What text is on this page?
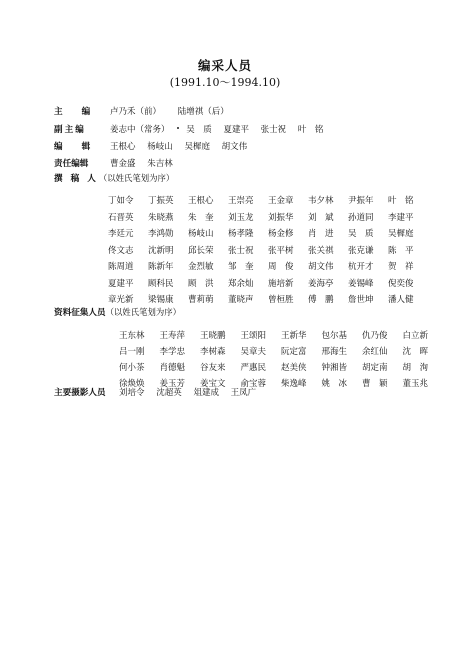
编采人员
(1991.10～1994.10)
主 编 卢乃禾（前） 陆增祺（后）
副主编	姜志中（常务） 吴　质 夏建平 张士祝 叶　铭
编 辑 王根心 杨岐山 吴樨庭 胡文伟
责任编辑	曹金盛 朱吉林
撰 稿 人 （以姓氏笔划为序）
丁如令 丁振英 王根心 王崇亮 王金章 韦夕林 尹振年 叶　铭
石晋英 朱晓燕 朱　奎 刘玉龙 刘振华 刘　斌 孙道同 李建平
李廷元 李鸿勋 杨岐山 杨孝隆 杨金修 肖　进 吴　质 吴樨庭
佟文志 沈新明 邱长荣 张士祝 张平树 张关祺 张克谦 陈　平
陈周道 陈新年 金烈敏 邹　奎 周　俊 胡文伟 杭开才 贺　祥
夏建平 顾科民 顾　洪 郑余灿 施培新 姜海亭 姜锡峰 倪奕俊
章光新 梁锡康 曹莉萌 董晓声 曾桓胜 傅　鹏 詹世坤 潘人健
资料征集人员（以姓氏笔划为序）
王东林 王寿萍 王晓鹏 王颂阳 王新华 包尔基 仇乃俊 白立新
吕一刚 李学忠 李树森 吴章夫 阮定富 邢海生 余红仙 沈　晖
何小茶 肖德魁 谷友来 严惠民 赵美侠 钟湘皆 胡定南 胡　洵
徐焕焕 姜玉芳 姜宝文 俞宝蓉 柴逸峰 姚　冰 曹　颖 董玉兆
主要摄影人员 刘培令 沈超英 俎建成 王凤广
